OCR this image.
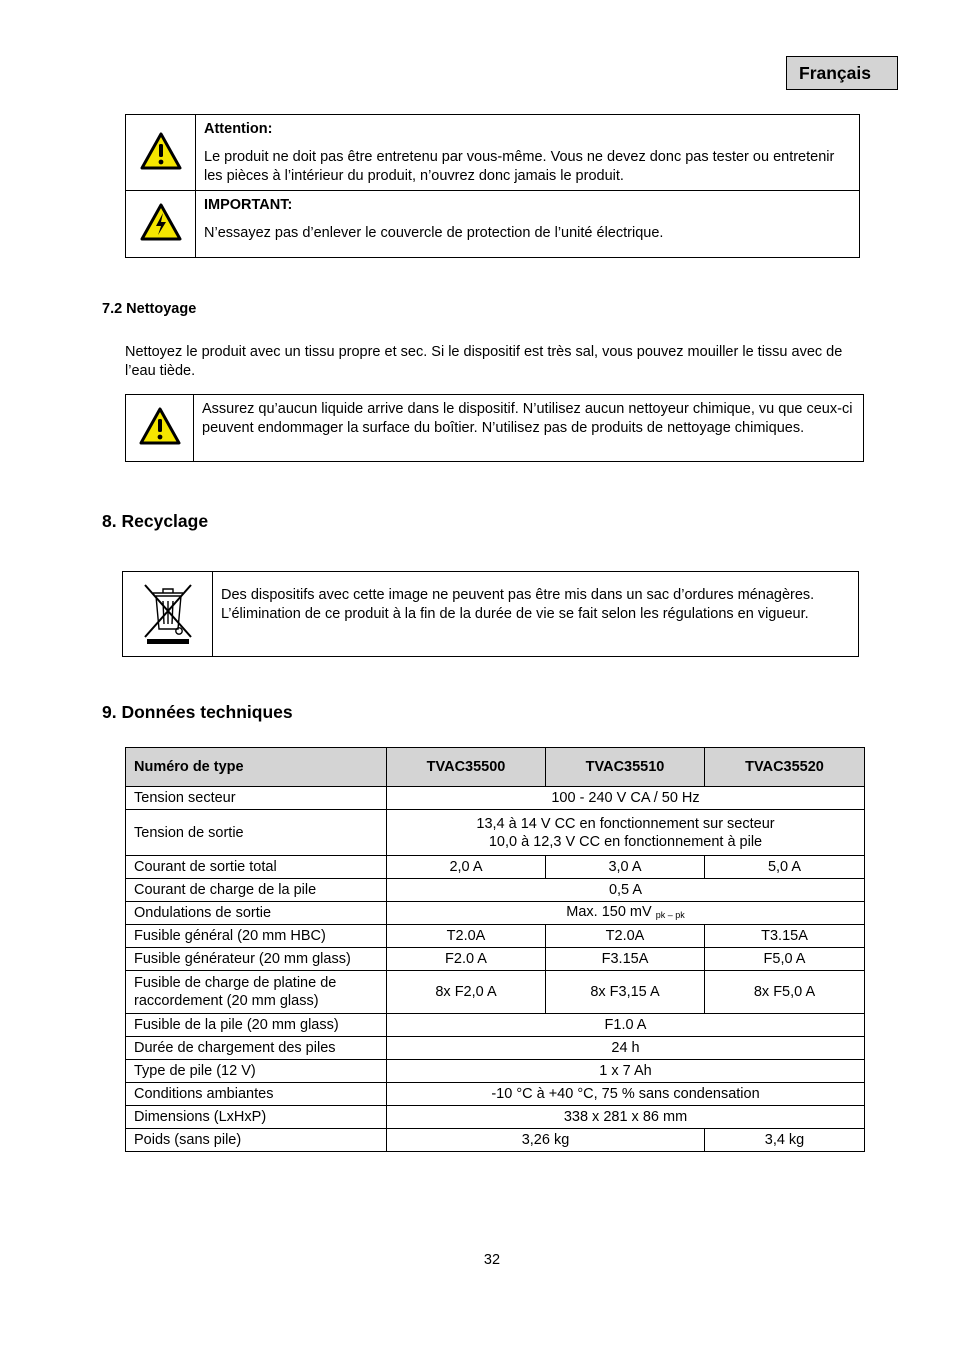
Français

Attention:

Le produit ne doit pas être entretenu par vous-même. Vous ne devez donc pas tester ou entretenir les pièces à l’intérieur du produit, n’ouvrez donc jamais le produit.

IMPORTANT:

N’essayez pas d’enlever le couvercle de protection de l’unité électrique.

7.2 Nettoyage
Nettoyez le produit avec un tissu propre et sec. Si le dispositif est très sal, vous pouvez mouiller le tissu avec de l’eau tiède.

Assurez qu’aucun liquide arrive dans le dispositif. N’utilisez aucun nettoyeur chimique, vu que ceux-ci peuvent endommager la surface du boîtier. N’utilisez pas de produits de nettoyage chimiques.

8. Recyclage

Des dispositifs avec cette image ne peuvent pas être mis dans un sac d’ordures ménagères. L’élimination de ce produit à la fin de la durée de vie se fait selon les régulations en vigueur.

9. Données techniques
Numéro de type	TVAC35500	TVAC35510	TVAC35520
Tension secteur	100 - 240 V CA / 50 Hz		
Tension de sortie	13,4 à 14 V CC en fonctionnement sur secteur
10,0 à 12,3 V CC en fonctionnement à pile		

Courant de sortie total	2,0 A	3,0 A	5,0 A
Courant de charge de la pile	0,5 A		
Ondulations de sortie	Max. 150 mV $_{pk - pk}$
Fusible général (20 mm HBC)	T2.0A	T2.0A	T3.15A
Fusible générateur (20 mm glass)	F2.0 A	F3.15A	F5,0 A

Fusible de charge de platine de
raccordement (20 mm glass)	8x F2,0 A	8x F3,15 A	8x F5,0 A
Fusible de la pile (20 mm glass)	F1.0 A		
Durée de chargement des piles	24 h		
Type de pile (12 V)	1 x 7 Ah		
Conditions ambiantes	-10 °C à +40 °C, 75 % sans condensation		
Dimensions (LxHxP)	338 x 281 x 86 mm		
Poids (sans pile)	3,26 kg		3,4 kg
32
